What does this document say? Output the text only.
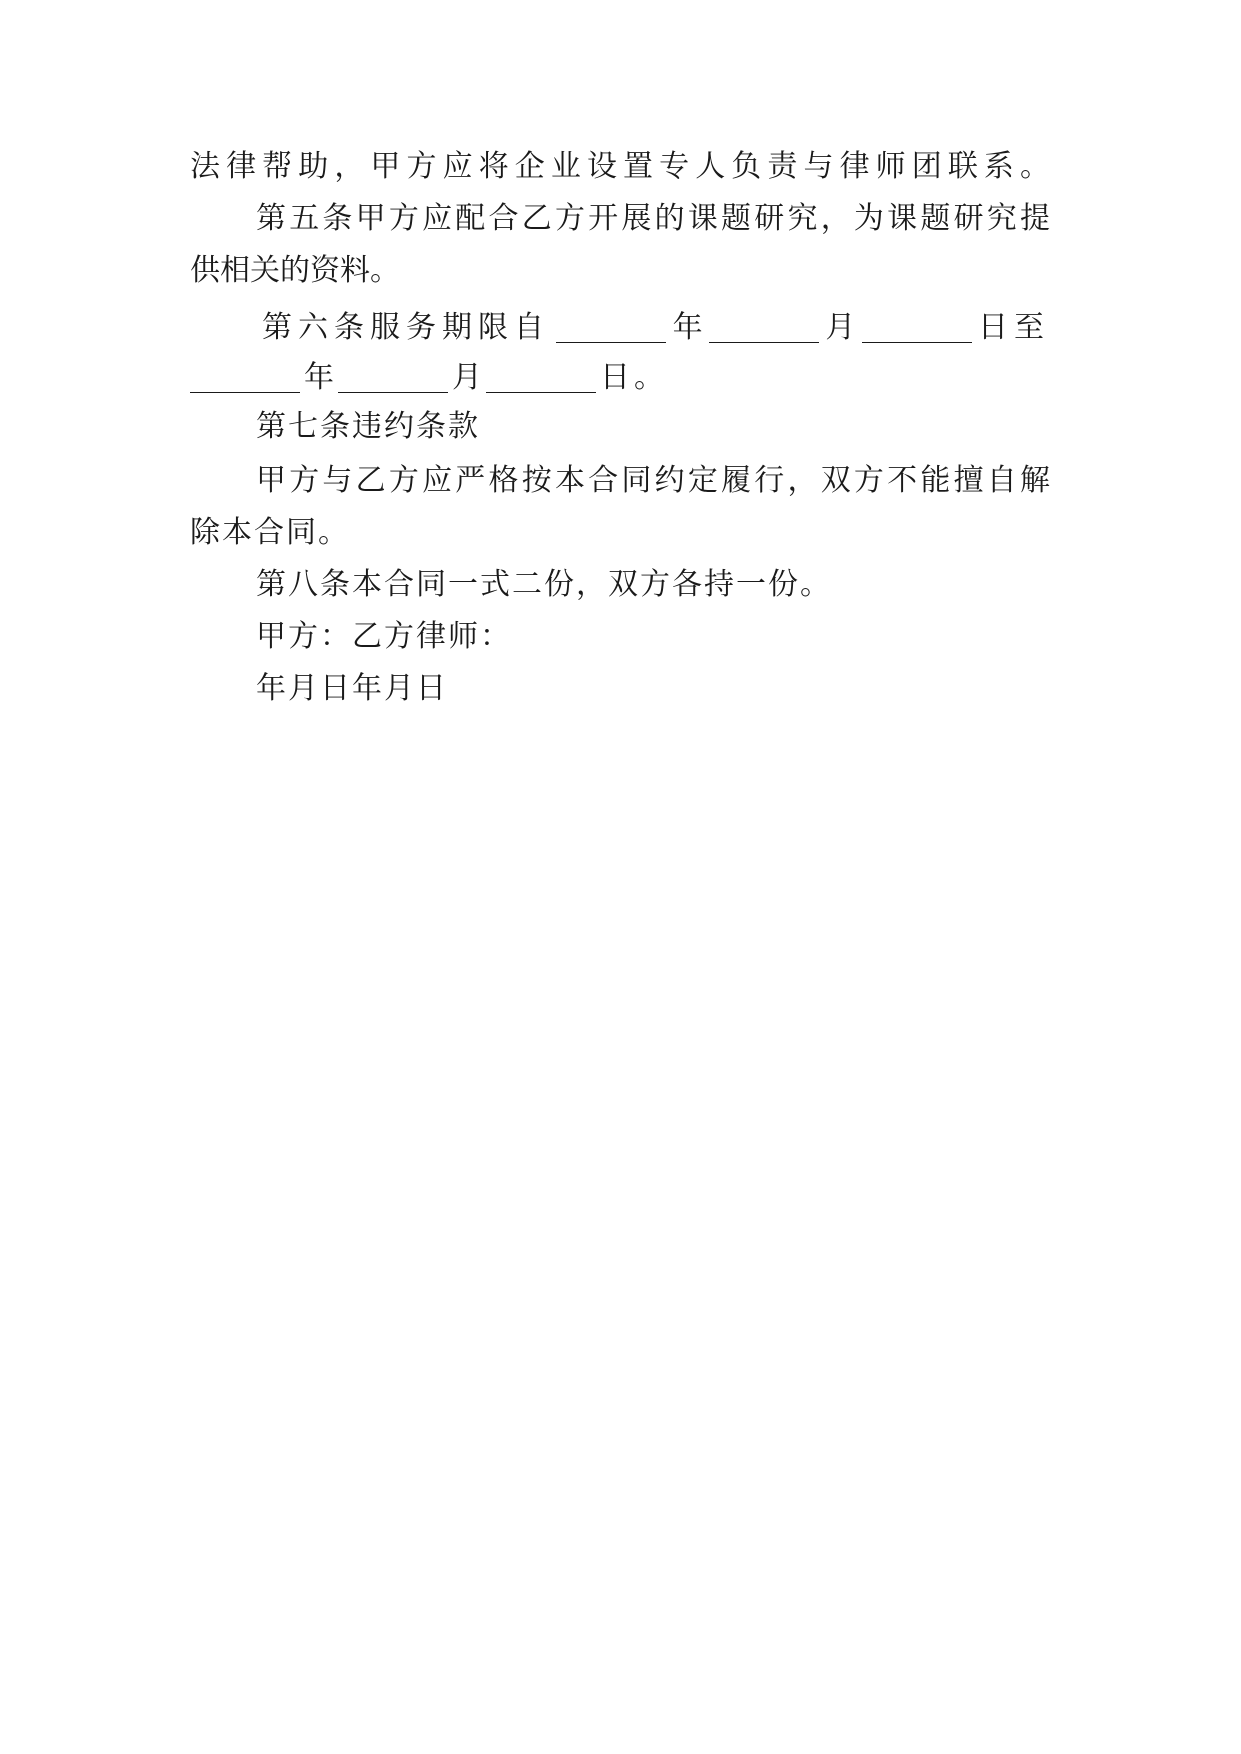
法律帮助，甲方应将企业设置专人负责与律师团联系。
第五条甲方应配合乙方开展的课题研究，为课题研究提
供相关的资料。
第六条服务期限自	年	月	日至
年	月	日。
第七条违约条款
甲方与乙方应严格按本合同约定履行，双方不能擅自解
除本合同。
第八条本合同一式二份，双方各持一份。
甲方：乙方律师：
年月日年月日
